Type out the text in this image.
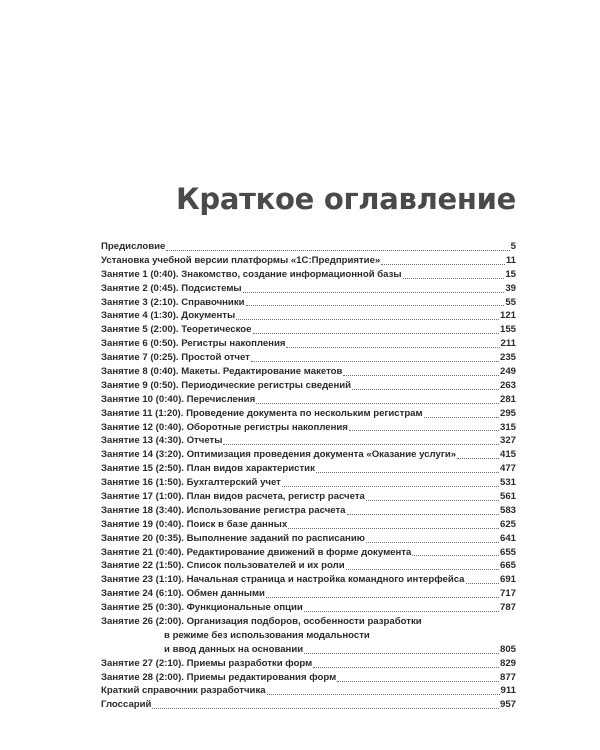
Краткое оглавление
Предисловие	5
Установка учебной версии платформы «1С:Предприятие»	11
Занятие 1 (0:40). Знакомство, создание информационной базы	15
Занятие 2 (0:45). Подсистемы	39
Занятие 3 (2:10). Справочники	55
Занятие 4 (1:30). Документы	121
Занятие 5 (2:00). Теоретическое	155
Занятие 6 (0:50). Регистры накопления	211
Занятие 7 (0:25). Простой отчет	235
Занятие 8 (0:40). Макеты. Редактирование макетов	249
Занятие 9 (0:50). Периодические регистры сведений	263
Занятие 10 (0:40). Перечисления	281
Занятие 11 (1:20). Проведение документа по нескольким регистрам	295
Занятие 12 (0:40). Оборотные регистры накопления	315
Занятие 13 (4:30). Отчеты	327
Занятие 14 (3:20). Оптимизация проведения документа «Оказание услуги»	415
Занятие 15 (2:50). План видов характеристик	477
Занятие 16 (1:50). Бухгалтерский учет	531
Занятие 17 (1:00). План видов расчета, регистр расчета	561
Занятие 18 (3:40). Использование регистра расчета	583
Занятие 19 (0:40). Поиск в базе данных	625
Занятие 20 (0:35). Выполнение заданий по расписанию	641
Занятие 21 (0:40). Редактирование движений в форме документа	655
Занятие 22 (1:50). Список пользователей и их роли	665
Занятие 23 (1:10). Начальная страница и настройка командного интерфейса	691
Занятие 24 (6:10). Обмен данными	717
Занятие 25 (0:30). Функциональные опции	787
Занятие 26 (2:00). Организация подборов, особенности разработки
в режиме без использования модальности
и ввод данных на основании	805
Занятие 27 (2:10). Приемы разработки форм	829
Занятие 28 (2:00). Приемы редактирования форм	877
Краткий справочник разработчика	911
Глоссарий	957
